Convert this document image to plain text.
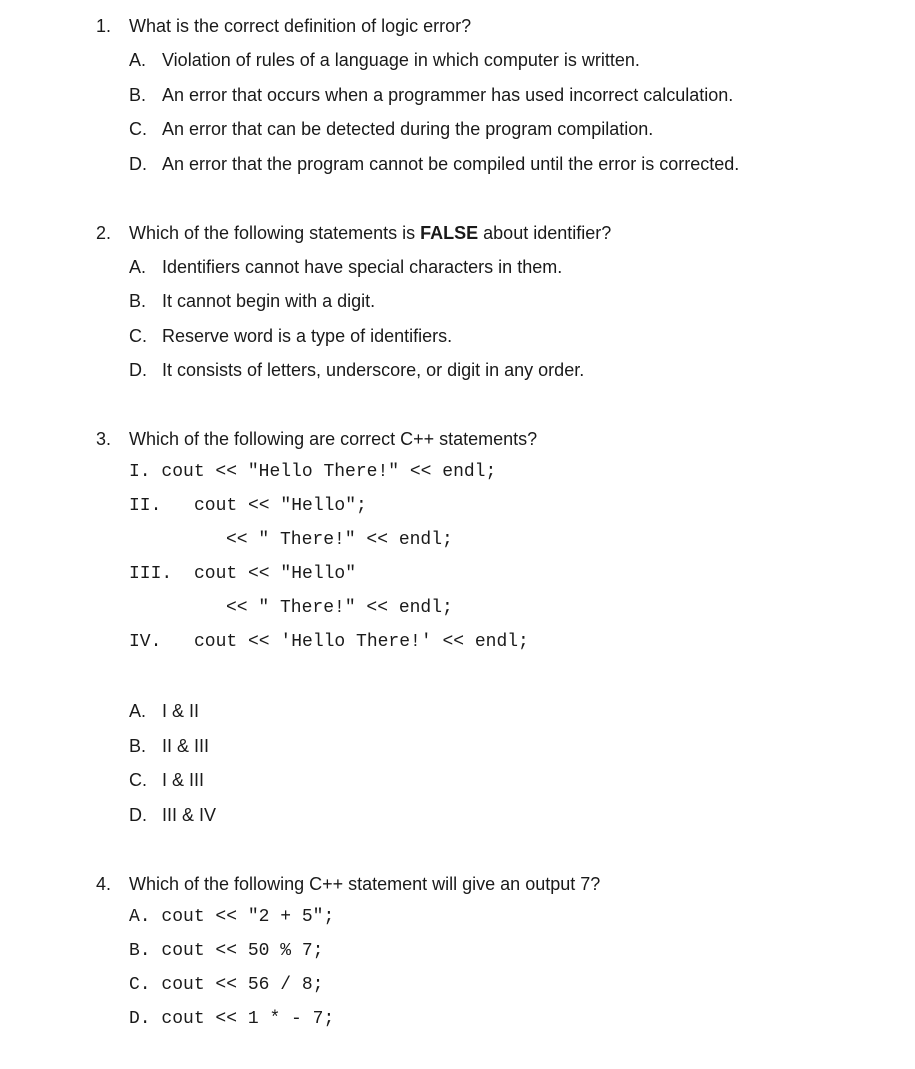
1. What is the correct definition of logic error?
A. Violation of rules of a language in which computer is written.
B. An error that occurs when a programmer has used incorrect calculation.
C. An error that can be detected during the program compilation.
D. An error that the program cannot be compiled until the error is corrected.
2. Which of the following statements is FALSE about identifier?
A. Identifiers cannot have special characters in them.
B. It cannot begin with a digit.
C. Reserve word is a type of identifiers.
D. It consists of letters, underscore, or digit in any order.
3. Which of the following are correct C++ statements?
I. cout << "Hello There!" << endl;
II. cout << "Hello";
<< " There!" << endl;
III. cout << "Hello"
<< " There!" << endl;
IV. cout << 'Hello There!' << endl;
A. I & II
B. II & III
C. I & III
D. III & IV
4. Which of the following C++ statement will give an output 7?
A. cout << "2 + 5";
B. cout << 50 % 7;
C. cout << 56 / 8;
D. cout << 1 * - 7;
